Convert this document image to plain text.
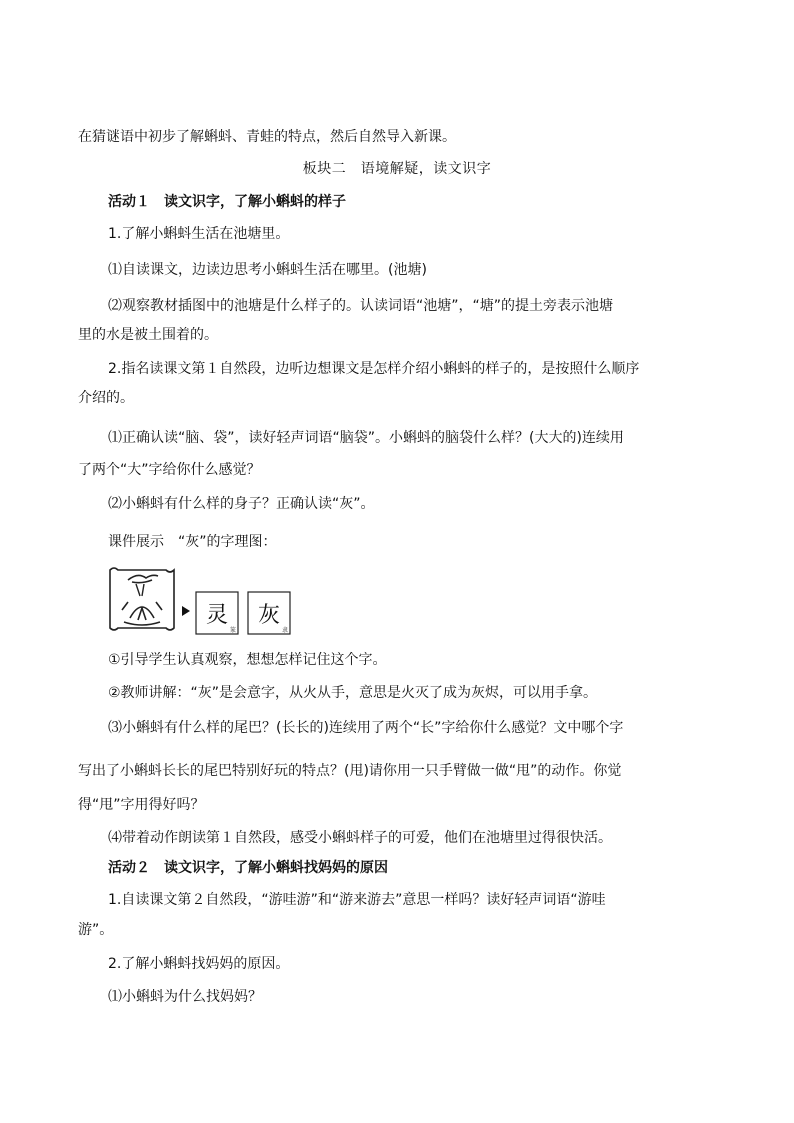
在猜谜语中初步了解蝌蚪、青蛙的特点，然后自然导入新课。
板块二　语境解疑，读文识字
活动１　读文识字，了解小蝌蚪的样子
1.了解小蝌蚪生活在池塘里。
⑴自读课文，边读边思考小蝌蚪生活在哪里。(池塘)
⑵观察教材插图中的池塘是什么样子的。认读词语“池塘”，“塘”的提土旁表示池塘
里的水是被土围着的。
2.指名读课文第１自然段，边听边想课文是怎样介绍小蝌蚪的样子的，是按照什么顺序
介绍的。
⑴正确认读“脑、袋”，读好轻声词语“脑袋”。小蝌蚪的脑袋什么样？(大大的)连续用
了两个“大”字给你什么感觉？
⑵小蝌蚪有什么样的身子？正确认读“灰”。
课件展示　“灰”的字理图：
灵 灰
篆	隶
①引导学生认真观察，想想怎样记住这个字。
②教师讲解：“灰”是会意字，从火从手，意思是火灭了成为灰烬，可以用手拿。
⑶小蝌蚪有什么样的尾巴？(长长的)连续用了两个“长”字给你什么感觉？文中哪个字
写出了小蝌蚪长长的尾巴特别好玩的特点？(甩)请你用一只手臂做一做“甩”的动作。你觉
得“甩”字用得好吗？
⑷带着动作朗读第１自然段，感受小蝌蚪样子的可爱，他们在池塘里过得很快活。
活动２　读文识字，了解小蝌蚪找妈妈的原因
1.自读课文第２自然段，“游哇游”和“游来游去”意思一样吗？读好轻声词语“游哇
游”。
2.了解小蝌蚪找妈妈的原因。
⑴小蝌蚪为什么找妈妈？
